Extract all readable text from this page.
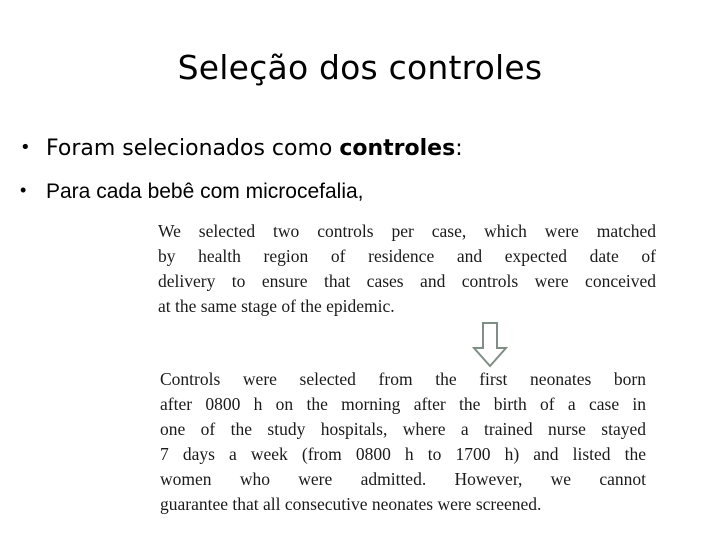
Seleção dos controles
• Foram selecionados como controles:
• Para cada bebê com microcefalia,
We selected two controls per case, which were matched
by health region of residence and expected date of
delivery to ensure that cases and controls were conceived
at the same stage of the epidemic.
Controls were selected from the first neonates born
after 0800 h on the morning after the birth of a case in
one of the study hospitals, where a trained nurse stayed
7 days a week (from 0800 h to 1700 h) and listed the
women who were admitted. However, we cannot
guarantee that all consecutive neonates were screened.
